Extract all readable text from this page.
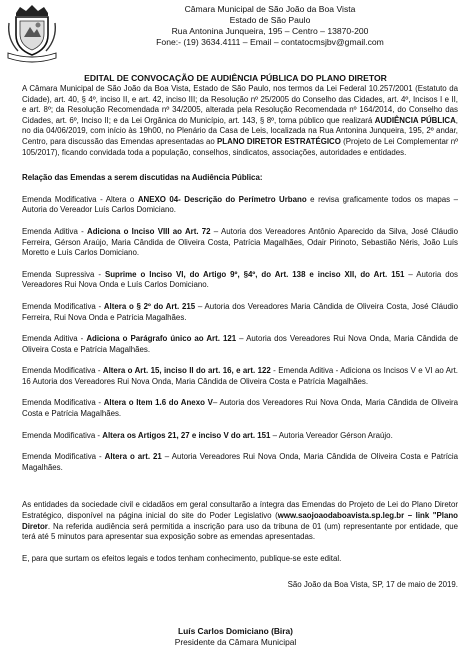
Câmara Municipal de São João da Boa Vista
Estado de São Paulo
Rua Antonina Junqueira, 195 – Centro – 13870-200
Fone:- (19) 3634.4111 – Email – contatocmsjbv@gmail.com
EDITAL DE CONVOCAÇÃO DE AUDIÊNCIA PÚBLICA DO PLANO DIRETOR
A Câmara Municipal de São João da Boa Vista, Estado de São Paulo, nos termos da Lei Federal 10.257/2001 (Estatuto da Cidade), art. 40, § 4º, inciso II, e art. 42, inciso III; da Resolução nº 25/2005 do Conselho das Cidades, art. 4º, Incisos I e II, e art. 8º; da Resolução Recomendada nº 34/2005, alterada pela Resolução Recomendada nº 164/2014, do Conselho das Cidades, art. 6º, Inciso II; e da Lei Orgânica do Município, art. 143, § 8º, torna público que realizará AUDIÊNCIA PÚBLICA, no dia 04/06/2019, com início às 19h00, no Plenário da Casa de Leis, localizada na Rua Antonina Junqueira, 195, 2º andar, Centro, para discussão das Emendas apresentadas ao PLANO DIRETOR ESTRATÉGICO (Projeto de Lei Complementar nº 105/2017), ficando convidada toda a população, conselhos, sindicatos, associações, autoridades e entidades.
Relação das Emendas a serem discutidas na Audiência Pública:
Emenda Modificativa - Altera o ANEXO 04- Descrição do Perímetro Urbano e revisa graficamente todos os mapas – Autoria do Vereador Luís Carlos Domiciano.
Emenda Aditiva - Adiciona o Inciso VIII ao Art. 72 – Autoria dos Vereadores Antônio Aparecido da Silva, José Cláudio Ferreira, Gérson Araújo, Maria Cândida de Oliveira Costa, Patrícia Magalhães, Odair Pirinoto, Sebastião Néris, João Luís Moretto e Luís Carlos Domiciano.
Emenda Supressiva - Suprime o Inciso VI, do Artigo 9º, §4º, do Art. 138 e inciso XII, do Art. 151 – Autoria dos Vereadores Rui Nova Onda e Luís Carlos Domiciano.
Emenda Modificativa - Altera o § 2º do Art. 215 – Autoria dos Vereadores Maria Cândida de Oliveira Costa, José Cláudio Ferreira, Rui Nova Onda e Patrícia Magalhães.
Emenda Aditiva - Adiciona o Parágrafo único ao Art. 121 – Autoria dos Vereadores Rui Nova Onda, Maria Cândida de Oliveira Costa e Patrícia Magalhães.
Emenda Modificativa - Altera o Art. 15, inciso II do art. 16, e art. 122 - Emenda Aditiva - Adiciona os Incisos V e VI ao Art. 16 Autoria dos Vereadores Rui Nova Onda, Maria Cândida de Oliveira Costa e Patrícia Magalhães.
Emenda Modificativa - Altera o Item 1.6 do Anexo V– Autoria dos Vereadores Rui Nova Onda, Maria Cândida de Oliveira Costa e Patrícia Magalhães.
Emenda Modificativa - Altera os Artigos 21, 27 e inciso V do art. 151 – Autoria Vereador Gérson Araújo.
Emenda Modificativa - Altera o art. 21 – Autoria Vereadores Rui Nova Onda, Maria Cândida de Oliveira Costa e Patrícia Magalhães.
As entidades da sociedade civil e cidadãos em geral consultarão a íntegra das Emendas do Projeto de Lei do Plano Diretor Estratégico, disponível na página inicial do site do Poder Legislativo (www.saojoaodaboavista.sp.leg.br – link "Plano Diretor. Na referida audiência será permitida a inscrição para uso da tribuna de 01 (um) representante por entidade, que terá até 5 minutos para apresentar sua exposição sobre as emendas apresentadas.
E, para que surtam os efeitos legais e todos tenham conhecimento, publique-se este edital.
São João da Boa Vista, SP, 17 de maio de 2019.
Luís Carlos Domiciano (Bira)
Presidente da Câmara Municipal
